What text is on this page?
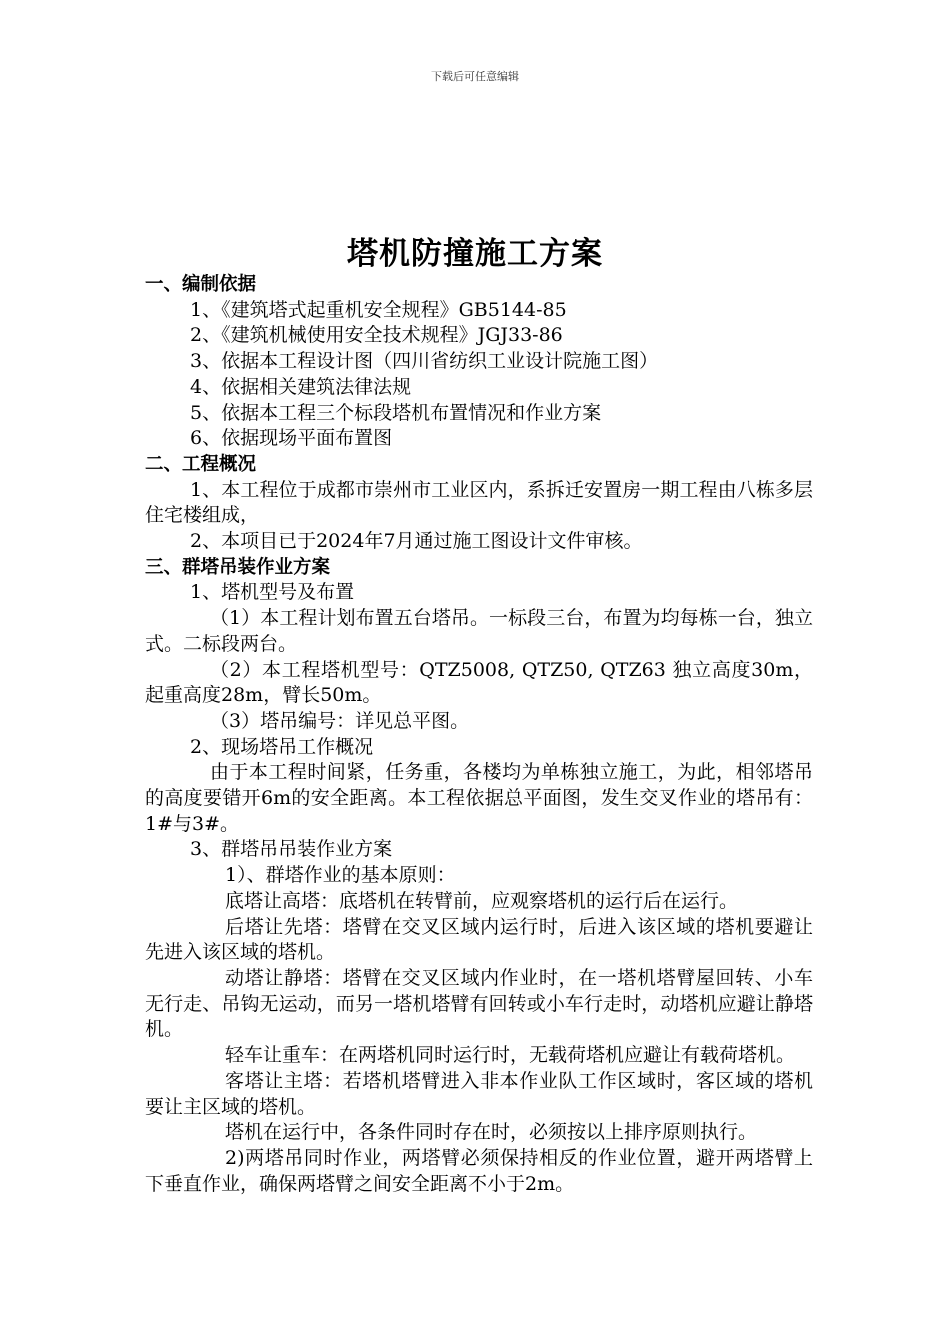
下载后可任意编辑
塔机防撞施工方案

一、编制依据

1、《建筑塔式起重机安全规程》GB5144-85

2、《建筑机械使用安全技术规程》JGJ33-86

3、依据本工程设计图（四川省纺织工业设计院施工图）

4、依据相关建筑法律法规

5、依据本工程三个标段塔机布置情况和作业方案

6、依据现场平面布置图

二、工程概况

1、本工程位于成都市崇州市工业区内，系拆迁安置房一期工程由八栋多层住宅楼组成，

2、本项目已于2024年7月通过施工图设计文件审核。

三、群塔吊装作业方案

1、塔机型号及布置

（1）本工程计划布置五台塔吊。一标段三台，布置为均每栋一台，独立式。二标段两台。

（2）本工程塔机型号：QTZ5008, QTZ50, QTZ63 独立高度30m，起重高度28m，臂长50m。

（3）塔吊编号：详见总平图。

2、现场塔吊工作概况

由于本工程时间紧，任务重，各楼均为单栋独立施工，为此，相邻塔吊的高度要错开6m的安全距离。本工程依据总平面图，发生交叉作业的塔吊有：1#与3#。

3、群塔吊吊装作业方案

1）、群塔作业的基本原则：

底塔让高塔：底塔机在转臂前，应观察塔机的运行后在运行。

后塔让先塔：塔臂在交叉区域内运行时，后进入该区域的塔机要避让先进入该区域的塔机。

动塔让静塔：塔臂在交叉区域内作业时，在一塔机塔臂屋回转、小车无行走、吊钩无运动，而另一塔机塔臂有回转或小车行走时，动塔机应避让静塔机。

轻车让重车：在两塔机同时运行时，无载荷塔机应避让有载荷塔机。

客塔让主塔：若塔机塔臂进入非本作业队工作区域时，客区域的塔机要让主区域的塔机。

塔机在运行中，各条件同时存在时，必须按以上排序原则执行。

2)两塔吊同时作业，两塔臂必须保持相反的作业位置，避开两塔臂上下垂直作业，确保两塔臂之间安全距离不小于2m。
